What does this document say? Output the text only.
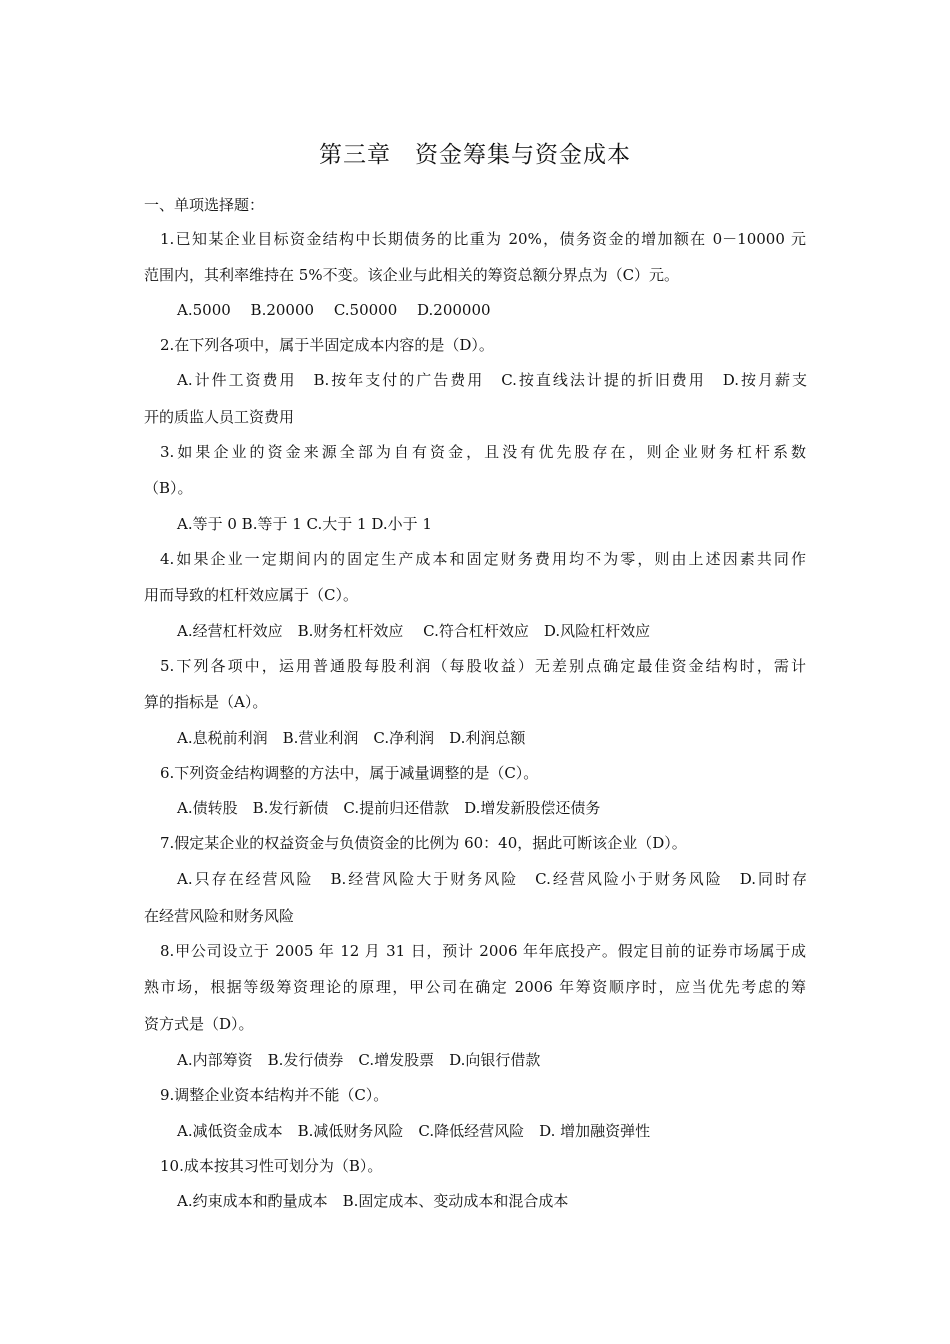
第三章　资金筹集与资金成本
一、单项选择题：
1.已知某企业目标资金结构中长期债务的比重为 20%，债务资金的增加额在 0－10000 元
范围内，其利率维持在 5%不变。该企业与此相关的筹资总额分界点为（C）元。
A.5000　 B.20000　 C.50000　 D.200000
2.在下列各项中，属于半固定成本内容的是（D）。
A.计件工资费用　B.按年支付的广告费用　C.按直线法计提的折旧费用　D.按月薪支
开的质监人员工资费用
3.如果企业的资金来源全部为自有资金，且没有优先股存在，则企业财务杠杆系数
（B）。
A.等于 0 B.等于 1 C.大于 1 D.小于 1
4.如果企业一定期间内的固定生产成本和固定财务费用均不为零，则由上述因素共同作
用而导致的杠杆效应属于（C）。
A.经营杠杆效应　B.财务杠杆效应　 C.符合杠杆效应　D.风险杠杆效应
5.下列各项中，运用普通股每股利润（每股收益）无差别点确定最佳资金结构时，需计
算的指标是（A）。
A.息税前利润　B.营业利润　C.净利润　D.利润总额
6.下列资金结构调整的方法中，属于减量调整的是（C）。
A.债转股　B.发行新债　C.提前归还借款　D.增发新股偿还债务
7.假定某企业的权益资金与负债资金的比例为 60：40，据此可断该企业（D）。
A.只存在经营风险　B.经营风险大于财务风险　C.经营风险小于财务风险　D.同时存
在经营风险和财务风险
8.甲公司设立于 2005 年 12 月 31 日，预计 2006 年年底投产。假定目前的证券市场属于成
熟市场，根据等级筹资理论的原理，甲公司在确定 2006 年筹资顺序时，应当优先考虑的筹
资方式是（D）。
A.内部筹资　B.发行债券　C.增发股票　D.向银行借款
9.调整企业资本结构并不能（C）。
A.减低资金成本　B.减低财务风险　C.降低经营风险　D. 增加融资弹性
10.成本按其习性可划分为（B）。
A.约束成本和酌量成本　B.固定成本、变动成本和混合成本
